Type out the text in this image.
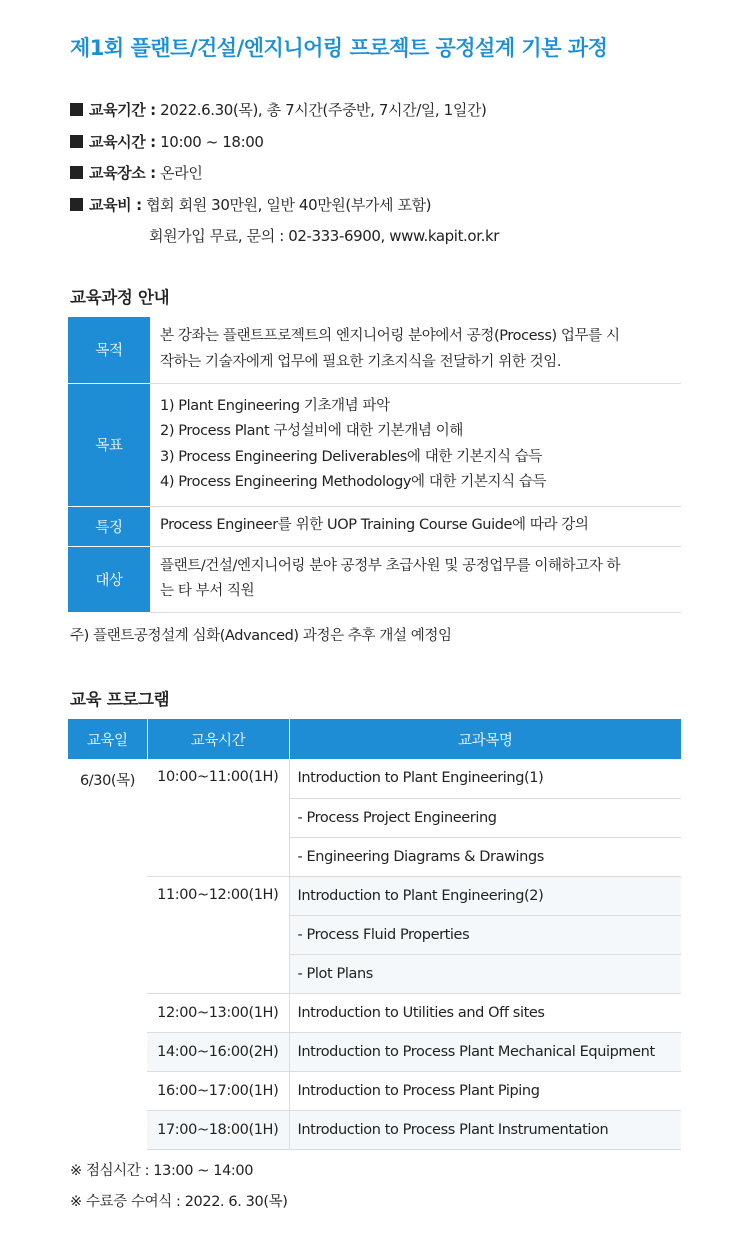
제1회 플랜트/건설/엔지니어링 프로젝트 공정설계 기본 과정
교육기간 : 2022.6.30(목), 총 7시간(주중반, 7시간/일, 1일간)
교육시간 : 10:00 ~ 18:00
교육장소 : 온라인
교육비 : 협회 회원 30만원, 일반 40만원(부가세 포함)
회원가입 무료, 문의 : 02-333-6900, www.kapit.or.kr
교육과정 안내
목적	본 강좌는 플랜트프로젝트의 엔지니어링 분야에서 공정(Process) 업무를 시
작하는 기술자에게 업무에 필요한 기초지식을 전달하기 위한 것임.

목표	1) Plant Engineering 기초개념 파악
2) Process Plant 구성설비에 대한 기본개념 이해
3) Process Engineering Deliverables에 대한 기본지식 습득
4) Process Engineering Methodology에 대한 기본지식 습득

특징	Process Engineer를 위한 UOP Training Course Guide에 따라 강의

대상	플랜트/건설/엔지니어링 분야 공정부 초급사원 및 공정업무를 이해하고자 하
는 타 부서 직원
주) 플랜트공정설계 심화(Advanced) 과정은 추후 개설 예정임
교육 프로그램
교육일	교육시간	교과목명
6/30(목)	10:00~11:00(1H)	Introduction to Plant Engineering(1)
		- Process Project Engineering
		- Engineering Diagrams & Drawings
	11:00~12:00(1H)	Introduction to Plant Engineering(2)
		- Process Fluid Properties
		- Plot Plans
	12:00~13:00(1H)	Introduction to Utilities and Off sites
	14:00~16:00(2H)	Introduction to Process Plant Mechanical Equipment
	16:00~17:00(1H)	Introduction to Process Plant Piping
	17:00~18:00(1H)	Introduction to Process Plant Instrumentation
※ 점심시간 : 13:00 ~ 14:00
※ 수료증 수여식 : 2022. 6. 30(목)
